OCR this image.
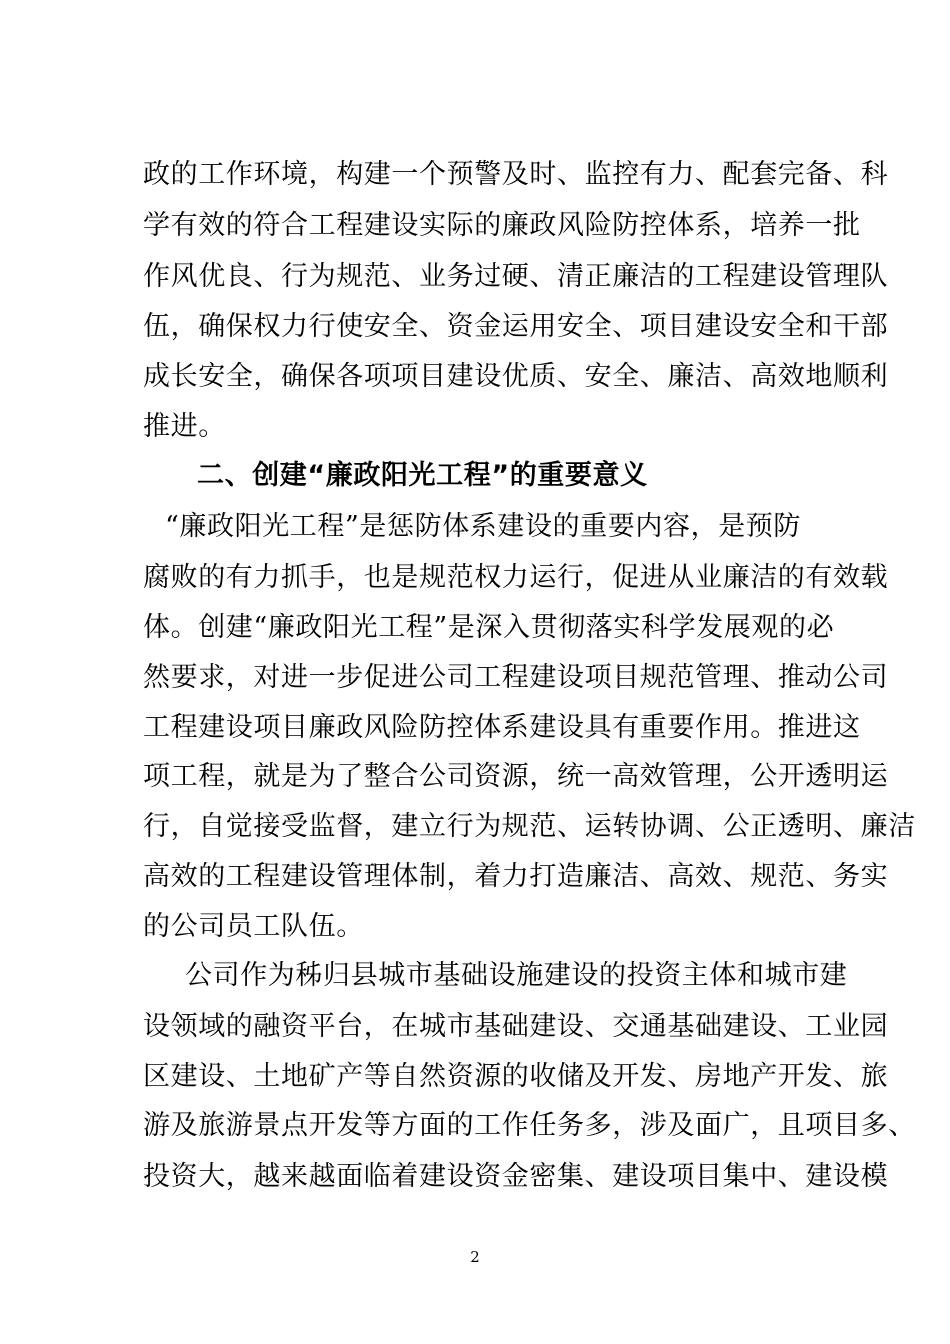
政的工作环境，构建一个预警及时、监控有力、配套完备、科
学有效的符合工程建设实际的廉政风险防控体系，培养一批
作风优良、行为规范、业务过硬、清正廉洁的工程建设管理队
伍，确保权力行使安全、资金运用安全、项目建设安全和干部
成长安全，确保各项项目建设优质、安全、廉洁、高效地顺利
推进。
二、创建“廉政阳光工程”的重要意义
“廉政阳光工程”是惩防体系建设的重要内容，是预防
腐败的有力抓手，也是规范权力运行，促进从业廉洁的有效载
体。创建“廉政阳光工程”是深入贯彻落实科学发展观的必
然要求，对进一步促进公司工程建设项目规范管理、推动公司
工程建设项目廉政风险防控体系建设具有重要作用。推进这
项工程，就是为了整合公司资源，统一高效管理，公开透明运
行，自觉接受监督，建立行为规范、运转协调、公正透明、廉洁
高效的工程建设管理体制，着力打造廉洁、高效、规范、务实
的公司员工队伍。
公司作为秭归县城市基础设施建设的投资主体和城市建
设领域的融资平台，在城市基础建设、交通基础建设、工业园
区建设、土地矿产等自然资源的收储及开发、房地产开发、旅
游及旅游景点开发等方面的工作任务多，涉及面广，且项目多、
投资大，越来越面临着建设资金密集、建设项目集中、建设模
2
